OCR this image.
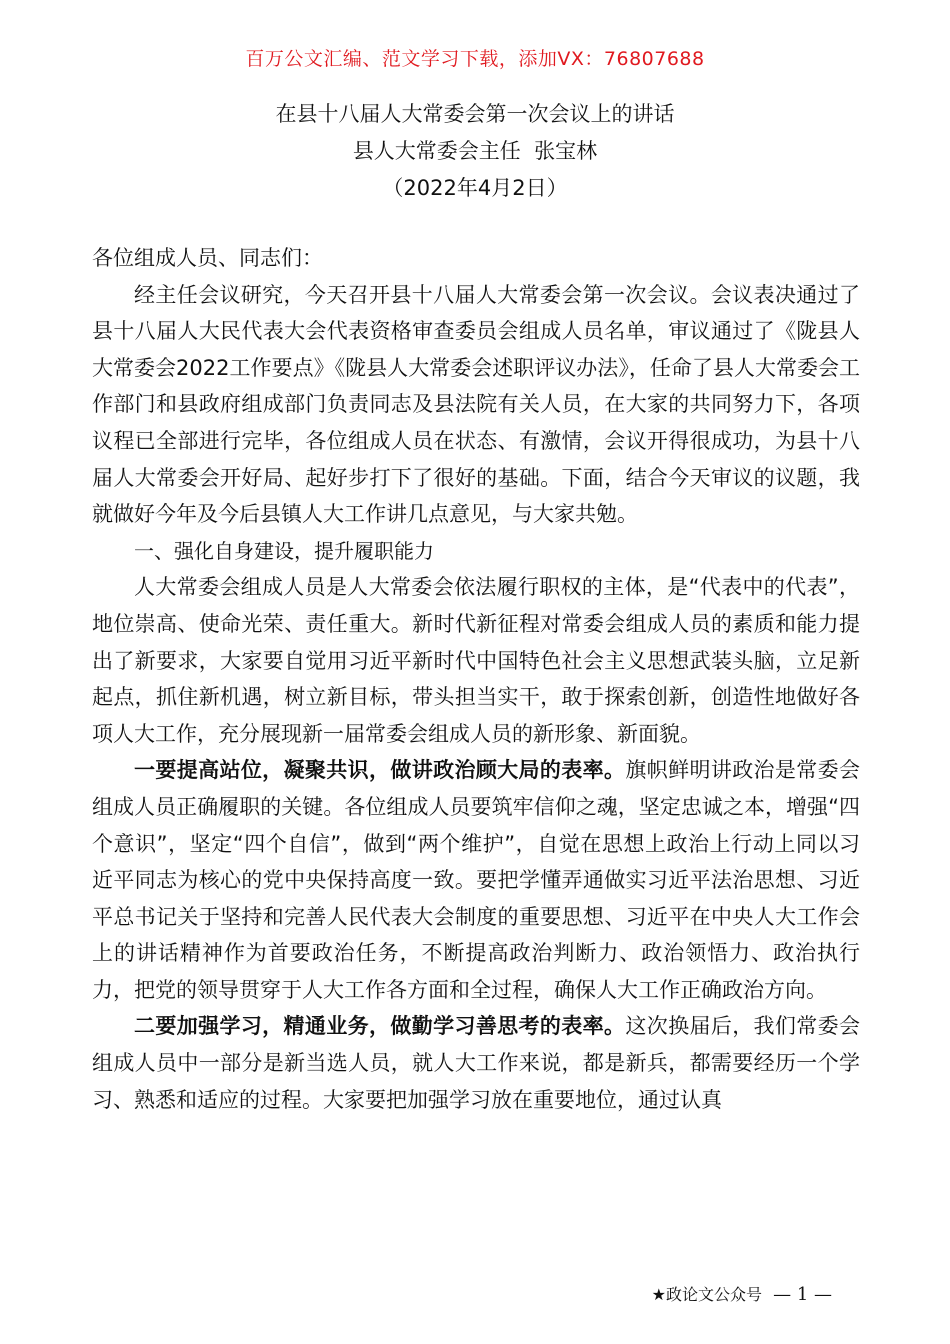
百万公文汇编、范文学习下载，添加VX：76807688
在县十八届人大常委会第一次会议上的讲话
县人大常委会主任  张宝林
（2022年4月2日）

各位组成人员、同志们：

经主任会议研究，今天召开县十八届人大常委会第一次会议。会议表决通过了县十八届人大民代表大会代表资格审查委员会组成人员名单，审议通过了《陇县人大常委会2022工作要点》《陇县人大常委会述职评议办法》，任命了县人大常委会工作部门和县政府组成部门负责同志及县法院有关人员，在大家的共同努力下，各项议程已全部进行完毕，各位组成人员在状态、有激情，会议开得很成功，为县十八届人大常委会开好局、起好步打下了很好的基础。下面，结合今天审议的议题，我就做好今年及今后县镇人大工作讲几点意见，与大家共勉。

一、强化自身建设，提升履职能力

人大常委会组成人员是人大常委会依法履行职权的主体，是“代表中的代表”，地位崇高、使命光荣、责任重大。新时代新征程对常委会组成人员的素质和能力提出了新要求，大家要自觉用习近平新时代中国特色社会主义思想武装头脑，立足新起点，抓住新机遇，树立新目标，带头担当实干，敢于探索创新，创造性地做好各项人大工作，充分展现新一届常委会组成人员的新形象、新面貌。

一要提高站位，凝聚共识，做讲政治顾大局的表率。旗帜鲜明讲政治是常委会组成人员正确履职的关键。各位组成人员要筑牢信仰之魂，坚定忠诚之本，增强“四个意识”，坚定“四个自信”，做到“两个维护”，自觉在思想上政治上行动上同以习近平同志为核心的党中央保持高度一致。要把学懂弄通做实习近平法治思想、习近平总书记关于坚持和完善人民代表大会制度的重要思想、习近平在中央人大工作会上的讲话精神作为首要政治任务，不断提高政治判断力、政治领悟力、政治执行力，把党的领导贯穿于人大工作各方面和全过程，确保人大工作正确政治方向。

二要加强学习，精通业务，做勤学习善思考的表率。这次换届后，我们常委会组成人员中一部分是新当选人员，就人大工作来说，都是新兵，都需要经历一个学习、熟悉和适应的过程。大家要把加强学习放在重要地位，通过认真

★政论文公众号 — 1 —
